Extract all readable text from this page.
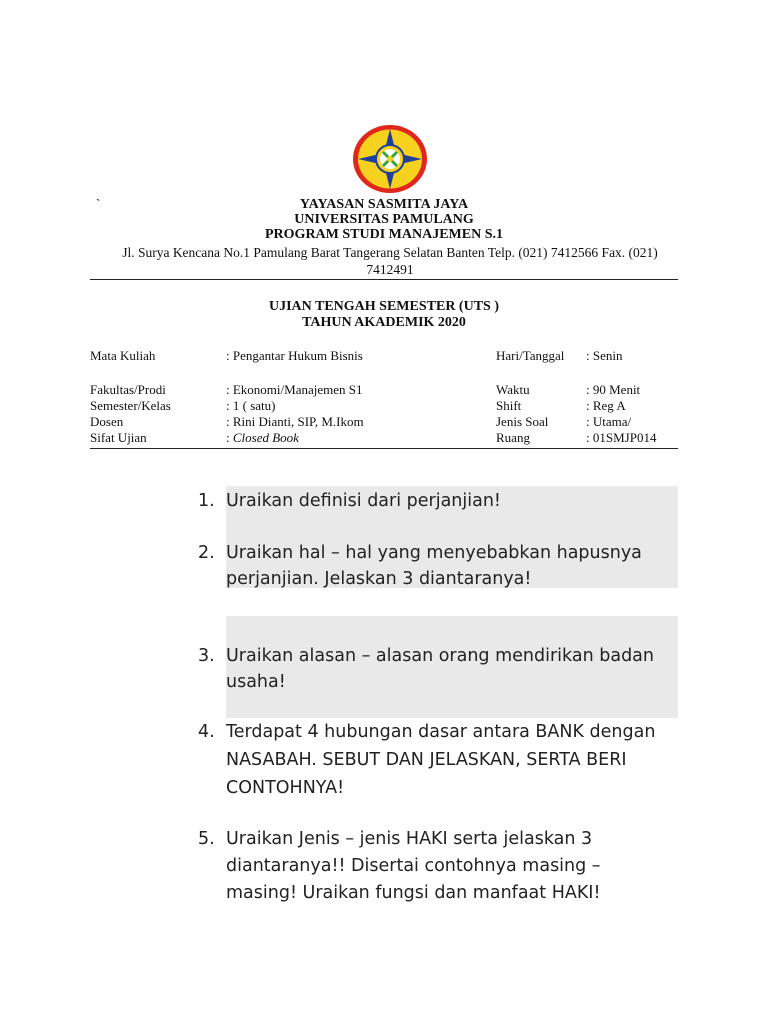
`	YAYASAN SASMITA JAYA
UNIVERSITAS PAMULANG
PROGRAM STUDI MANAJEMEN S.1
Jl. Surya Kencana No.1 Pamulang Barat Tangerang Selatan Banten Telp. (021) 7412566 Fax. (021) 7412491
UJIAN TENGAH SEMESTER (UTS )
TAHUN AKADEMIK 2020
Mata Kuliah	: Pengantar Hukum Bisnis	Hari/Tanggal : Senin
Fakultas/Prodi	: Ekonomi/Manajemen S1	Waktu	: 90 Menit
Semester/Kelas	: 1 ( satu)	Shift	: Reg A
Dosen	: Rini Dianti, SIP, M.Ikom	Jenis Soal	: Utama/
Sifat Ujian	: Closed Book	Ruang	: 01SMJP014
1. Uraikan definisi dari perjanjian!
2. Uraikan hal – hal yang menyebabkan hapusnya perjanjian. Jelaskan 3 diantaranya!
3. Uraikan alasan – alasan orang mendirikan badan usaha!
4. Terdapat 4 hubungan dasar antara BANK dengan NASABAH. SEBUT DAN JELASKAN, SERTA BERI CONTOHNYA!
5. Uraikan Jenis – jenis HAKI serta jelaskan 3 diantaranya!! Disertai contohnya masing – masing! Uraikan fungsi dan manfaat HAKI!
